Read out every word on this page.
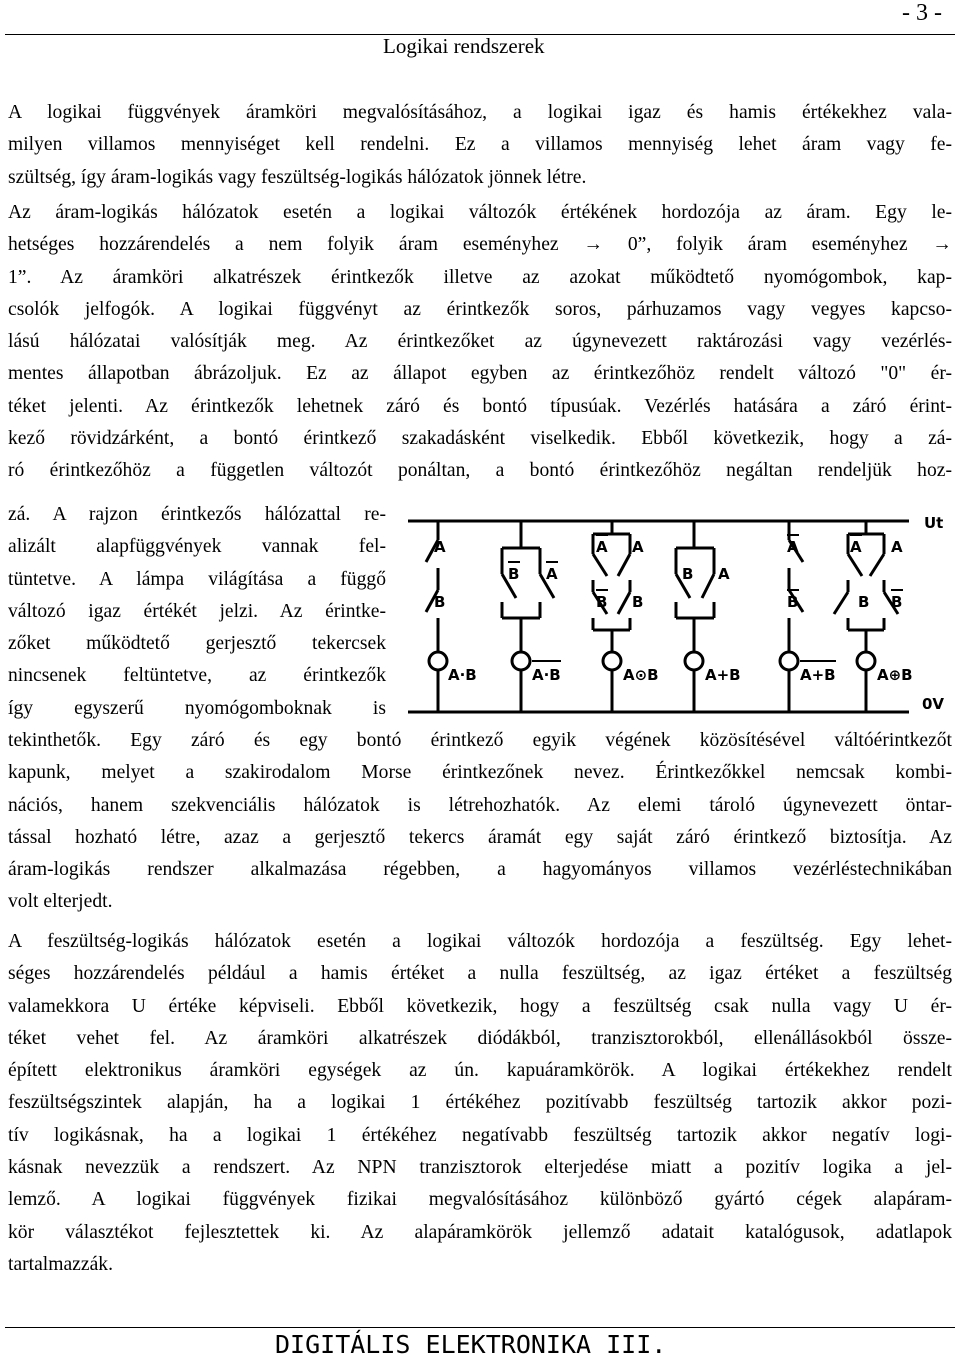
- 3 -
Logikai rendszerek
A logikai függvények áramköri megvalósításához, a logikai igaz és hamis értékekhez vala-
milyen villamos mennyiséget kell rendelni. Ez a villamos mennyiség lehet áram vagy fe-
szültség, így áram-logikás vagy feszültség-logikás hálózatok jönnek létre.
Az áram-logikás hálózatok esetén a logikai változók értékének hordozója az áram. Egy le-
hetséges hozzárendelés a nem folyik áram eseményhez → 0”, folyik áram eseményhez →
1”. Az áramköri alkatrészek érintkezők illetve az azokat működtető nyomógombok, kap-
csolók jelfogók. A logikai függvényt az érintkezők soros, párhuzamos vagy vegyes kapcso-
lású hálózatai valósítják meg. Az érintkezőket az úgynevezett raktározási vagy vezérlés-
mentes állapotban ábrázoljuk. Ez az állapot egyben az érintkezőhöz rendelt változó "0" ér-
téket jelenti. Az érintkezők lehetnek záró és bontó típusúak. Vezérlés hatására a záró érint-
kező rövidzárként, a bontó érintkező szakadásként viselkedik. Ebből következik, hogy a zá-
ró érintkezőhöz a független változót ponáltan, a bontó érintkezőhöz negáltan rendeljük hoz-
zá. A rajzon érintkezős hálózattal re-
alizált alapfüggvények vannak fel-
tüntetve. A lámpa világítása a függő
változó igaz értékét jelzi. Az érintke-
zőket működtető gerjesztő tekercsek
nincsenek feltüntetve, az érintkezők
így egyszerű nyomógomboknak is
Ut
0V
A
B
B A
A A
B B
B A
A
B
A A
B B
A·B	A·B	A⊙B	A+B	A+B	A⊕B
tekinthetők. Egy záró és egy bontó érintkező egyik végének közösítésével váltóérintkezőt
kapunk, melyet a szakirodalom Morse érintkezőnek nevez. Érintkezőkkel nemcsak kombi-
nációs, hanem szekvenciális hálózatok is létrehozhatók. Az elemi tároló úgynevezett öntar-
tással hozható létre, azaz a gerjesztő tekercs áramát egy saját záró érintkező biztosítja. Az
áram-logikás rendszer alkalmazása régebben, a hagyományos villamos vezérléstechnikában
volt elterjedt.
A feszültség-logikás hálózatok esetén a logikai változók hordozója a feszültség. Egy lehet-
séges hozzárendelés például a hamis értéket a nulla feszültség, az igaz értéket a feszültség
valamekkora U értéke képviseli. Ebből következik, hogy a feszültség csak nulla vagy U ér-
téket vehet fel. Az áramköri alkatrészek diódákból, tranzisztorokból, ellenállásokból össze-
épített elektronikus áramköri egységek az ún. kapuáramkörök. A logikai értékekhez rendelt
feszültségszintek alapján, ha a logikai 1 értékéhez pozitívabb feszültség tartozik akkor pozi-
tív logikásnak, ha a logikai 1 értékéhez negatívabb feszültség tartozik akkor negatív logi-
kásnak nevezzük a rendszert. Az NPN tranzisztorok elterjedése miatt a pozitív logika a jel-
lemző. A logikai függvények fizikai megvalósításához különböző gyártó cégek alapáram-
kör választékot fejlesztettek ki. Az alapáramkörök jellemző adatait katalógusok, adatlapok
tartalmazzák.
DIGITÁLIS ELEKTRONIKA III.
